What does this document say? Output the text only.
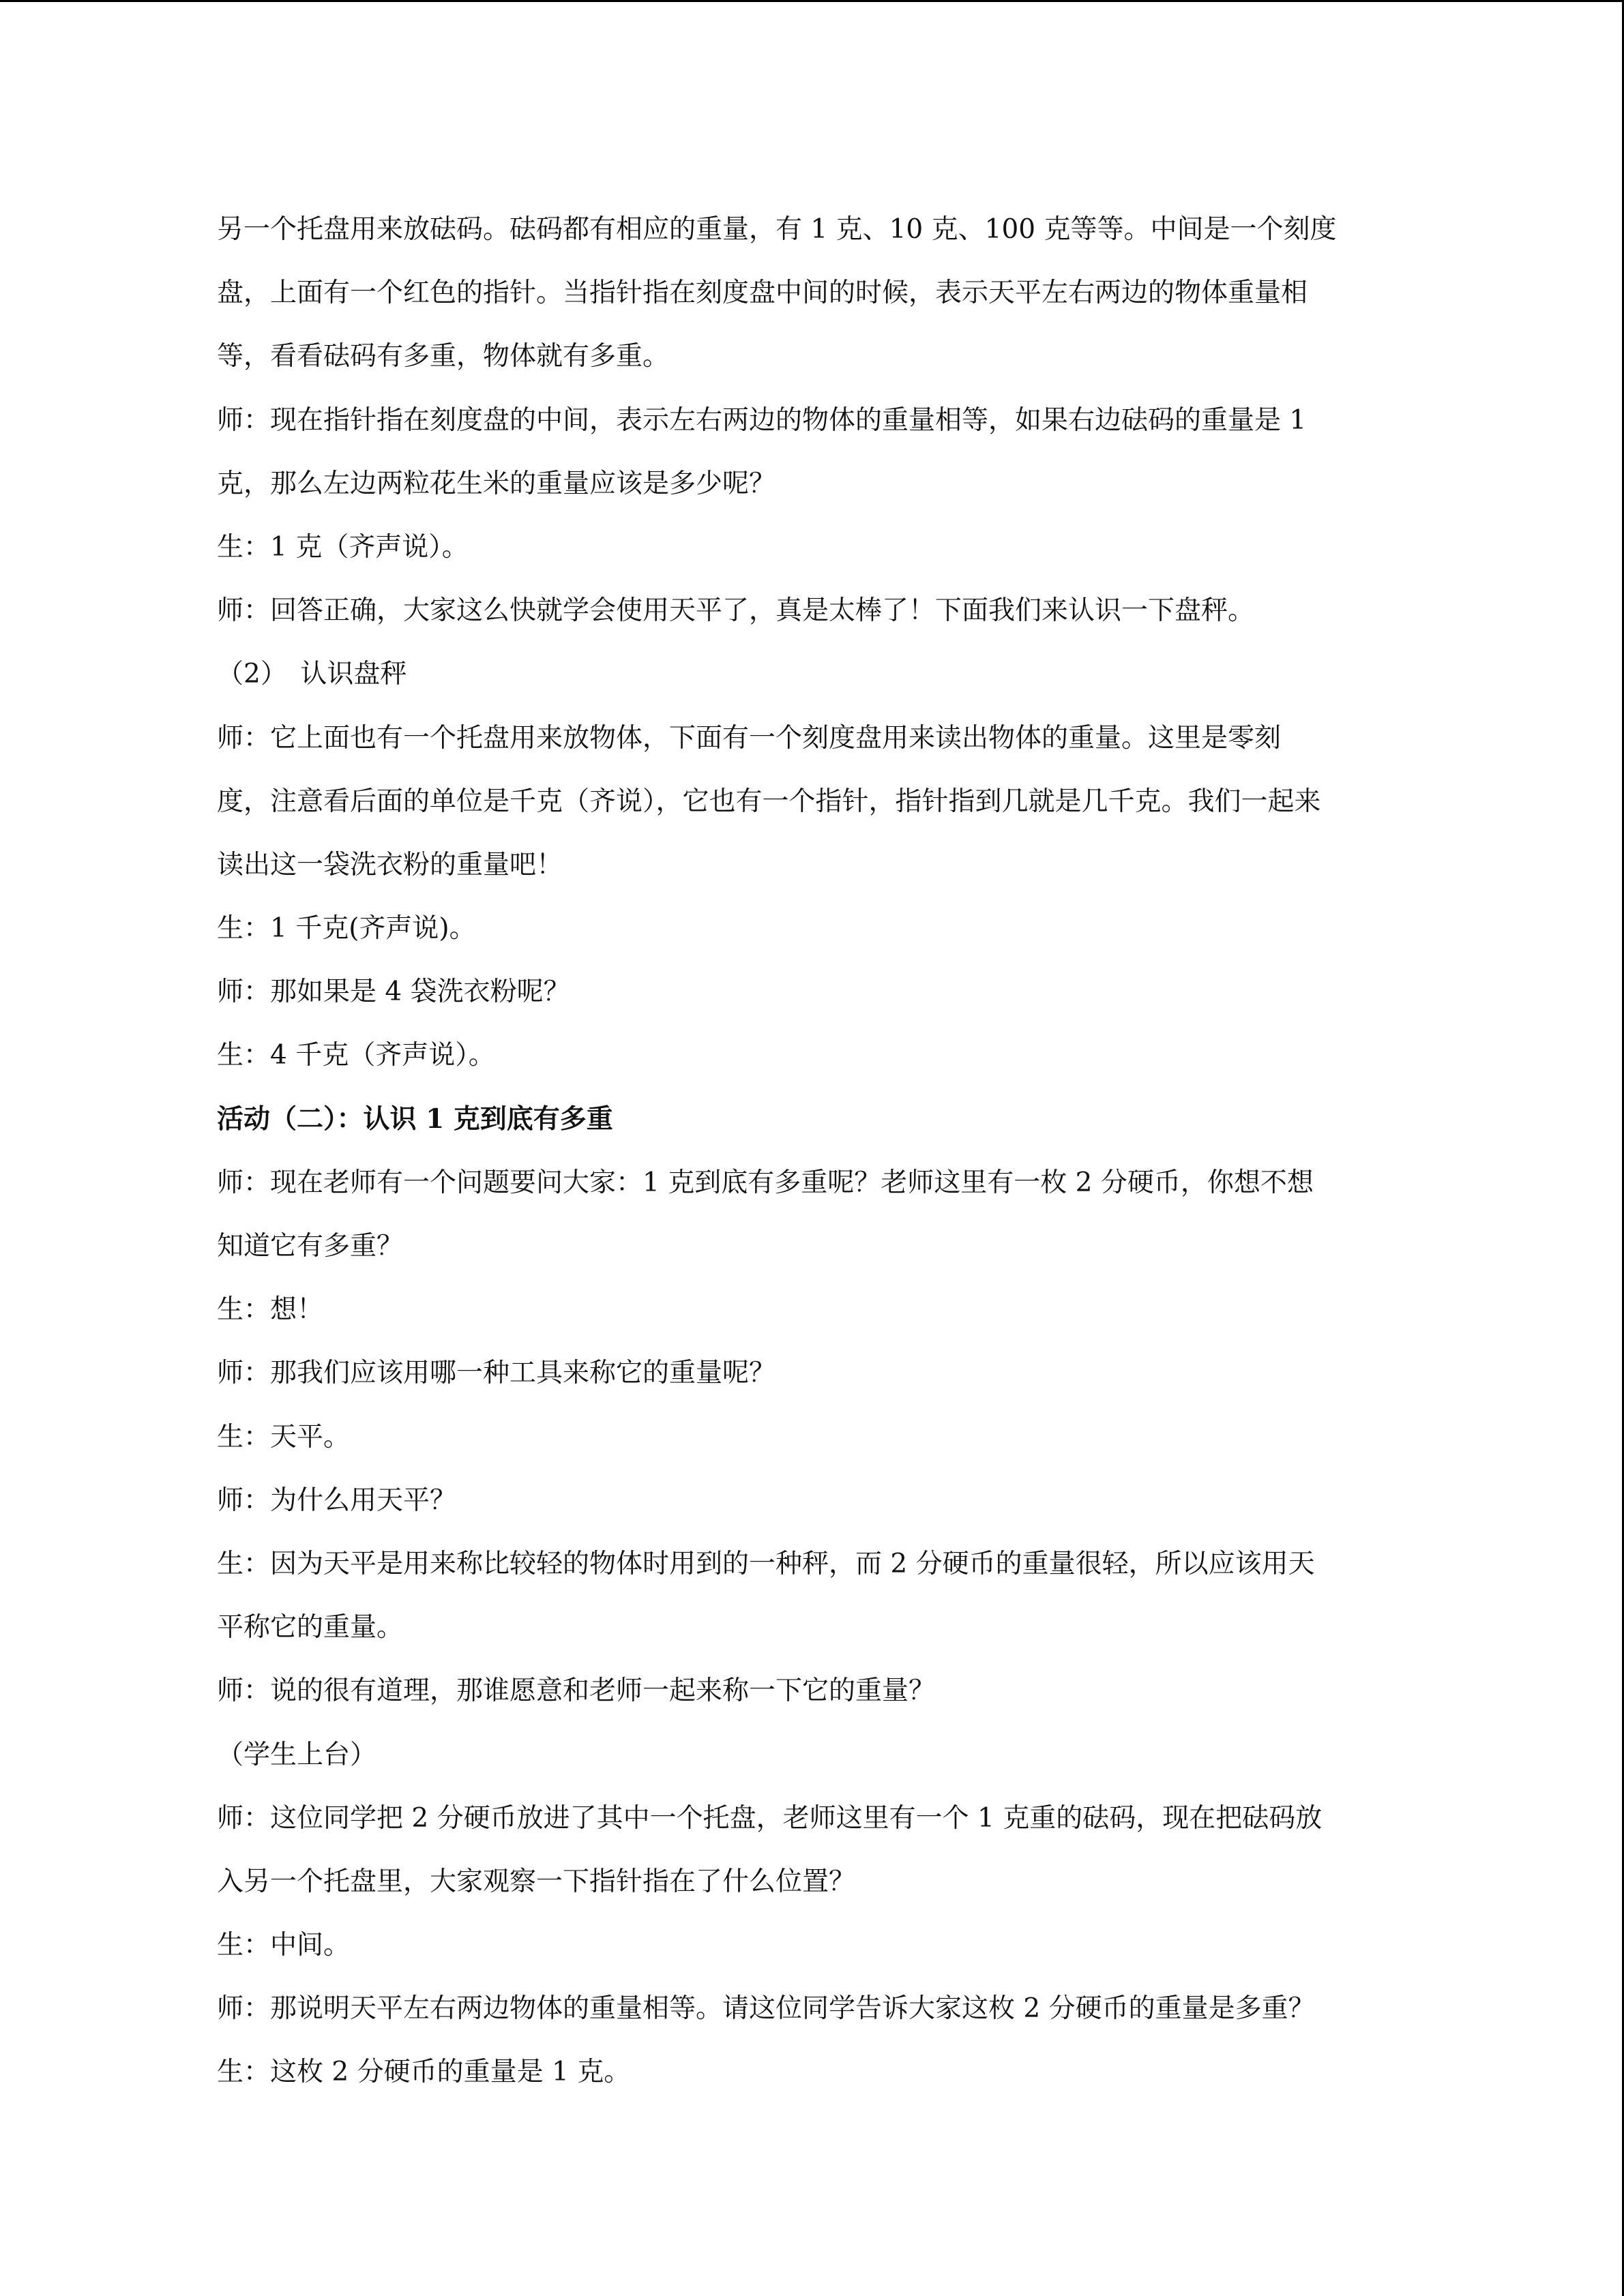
另一个托盘用来放砝码。砝码都有相应的重量，有 1 克、10 克、100 克等等。中间是一个刻度
盘，上面有一个红色的指针。当指针指在刻度盘中间的时候，表示天平左右两边的物体重量相
等，看看砝码有多重，物体就有多重。
师：现在指针指在刻度盘的中间，表示左右两边的物体的重量相等，如果右边砝码的重量是 1
克，那么左边两粒花生米的重量应该是多少呢？
生：1 克（齐声说）。
师：回答正确，大家这么快就学会使用天平了，真是太棒了！下面我们来认识一下盘秤。
（2）　认识盘秤
师：它上面也有一个托盘用来放物体，下面有一个刻度盘用来读出物体的重量。这里是零刻
度，注意看后面的单位是千克（齐说），它也有一个指针，指针指到几就是几千克。我们一起来
读出这一袋洗衣粉的重量吧！
生：1 千克(齐声说)。
师：那如果是 4 袋洗衣粉呢？
生：4 千克（齐声说）。
活动（二）：认识 1 克到底有多重
师：现在老师有一个问题要问大家：1 克到底有多重呢？老师这里有一枚 2 分硬币，你想不想
知道它有多重？
生：想！
师：那我们应该用哪一种工具来称它的重量呢？
生：天平。
师：为什么用天平？
生：因为天平是用来称比较轻的物体时用到的一种秤，而 2 分硬币的重量很轻，所以应该用天
平称它的重量。
师：说的很有道理，那谁愿意和老师一起来称一下它的重量？
（学生上台）
师：这位同学把 2 分硬币放进了其中一个托盘，老师这里有一个 1 克重的砝码，现在把砝码放
入另一个托盘里，大家观察一下指针指在了什么位置？
生：中间。
师：那说明天平左右两边物体的重量相等。请这位同学告诉大家这枚 2 分硬币的重量是多重？
生：这枚 2 分硬币的重量是 1 克。
